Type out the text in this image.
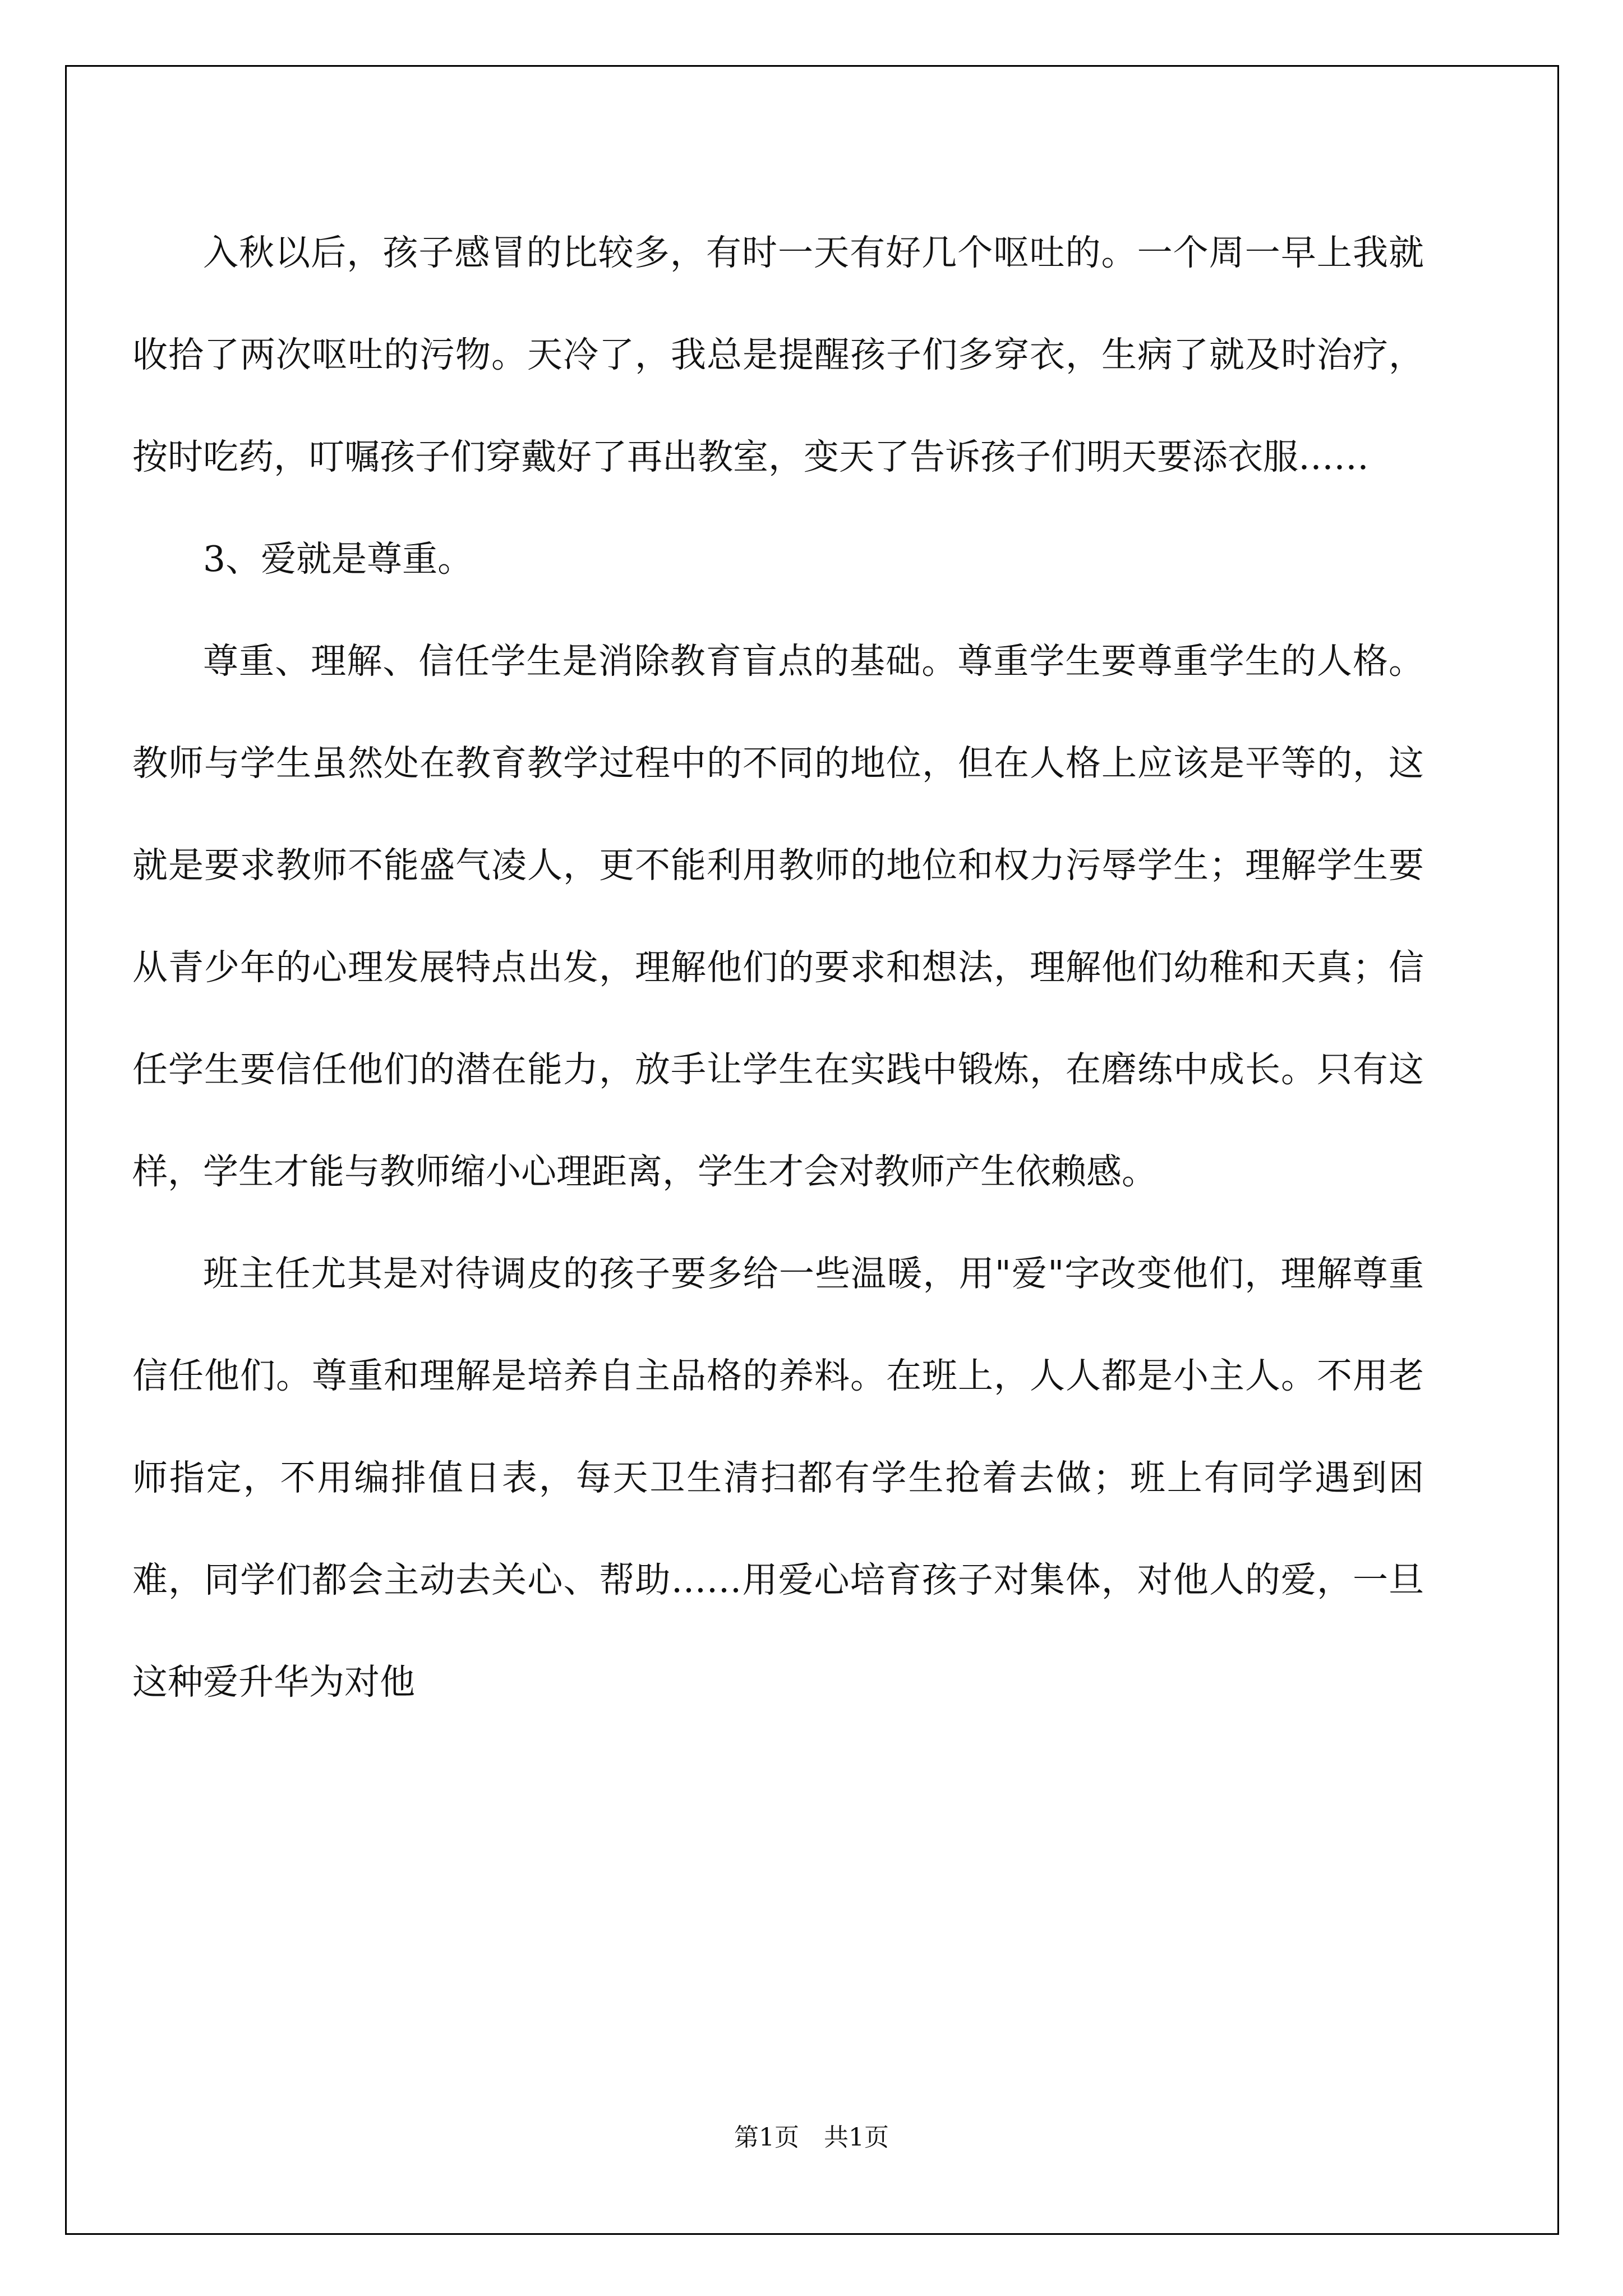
入秋以后，孩子感冒的比较多，有时一天有好几个呕吐的。一个周一早上我就收拾了两次呕吐的污物。天冷了，我总是提醒孩子们多穿衣，生病了就及时治疗，按时吃药，叮嘱孩子们穿戴好了再出教室，变天了告诉孩子们明天要添衣服……

3、爱就是尊重。

尊重、理解、信任学生是消除教育盲点的基础。尊重学生要尊重学生的人格。教师与学生虽然处在教育教学过程中的不同的地位，但在人格上应该是平等的，这就是要求教师不能盛气凌人，更不能利用教师的地位和权力污辱学生；理解学生要从青少年的心理发展特点出发，理解他们的要求和想法，理解他们幼稚和天真；信任学生要信任他们的潜在能力，放手让学生在实践中锻炼，在磨练中成长。只有这样，学生才能与教师缩小心理距离，学生才会对教师产生依赖感。

班主任尤其是对待调皮的孩子要多给一些温暖，用"爱"字改变他们，理解尊重信任他们。尊重和理解是培养自主品格的养料。在班上，人人都是小主人。不用老师指定，不用编排值日表，每天卫生清扫都有学生抢着去做；班上有同学遇到困难，同学们都会主动去关心、帮助……用爱心培育孩子对集体，对他人的爱，一旦这种爱升华为对他

第1页　共1页
